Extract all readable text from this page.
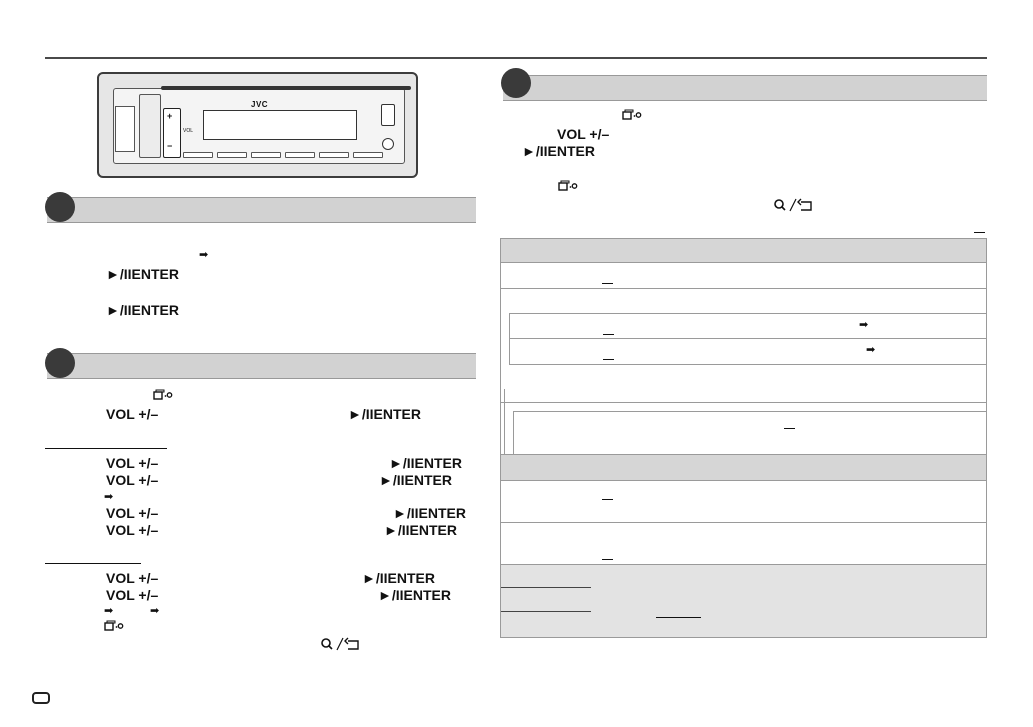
+
−
VOL
JVC
➡
►/IIENTER
►/IIENTER
VOL +/–	►/IIENTER
VOL +/–	►/IIENTER
VOL +/–	►/IIENTER
➡
VOL +/–	►/IIENTER
VOL +/–	►/IIENTER
VOL +/–	►/IIENTER
VOL +/–	►/IIENTER
➡	➡
VOL +/–
►/IIENTER
➡
➡
